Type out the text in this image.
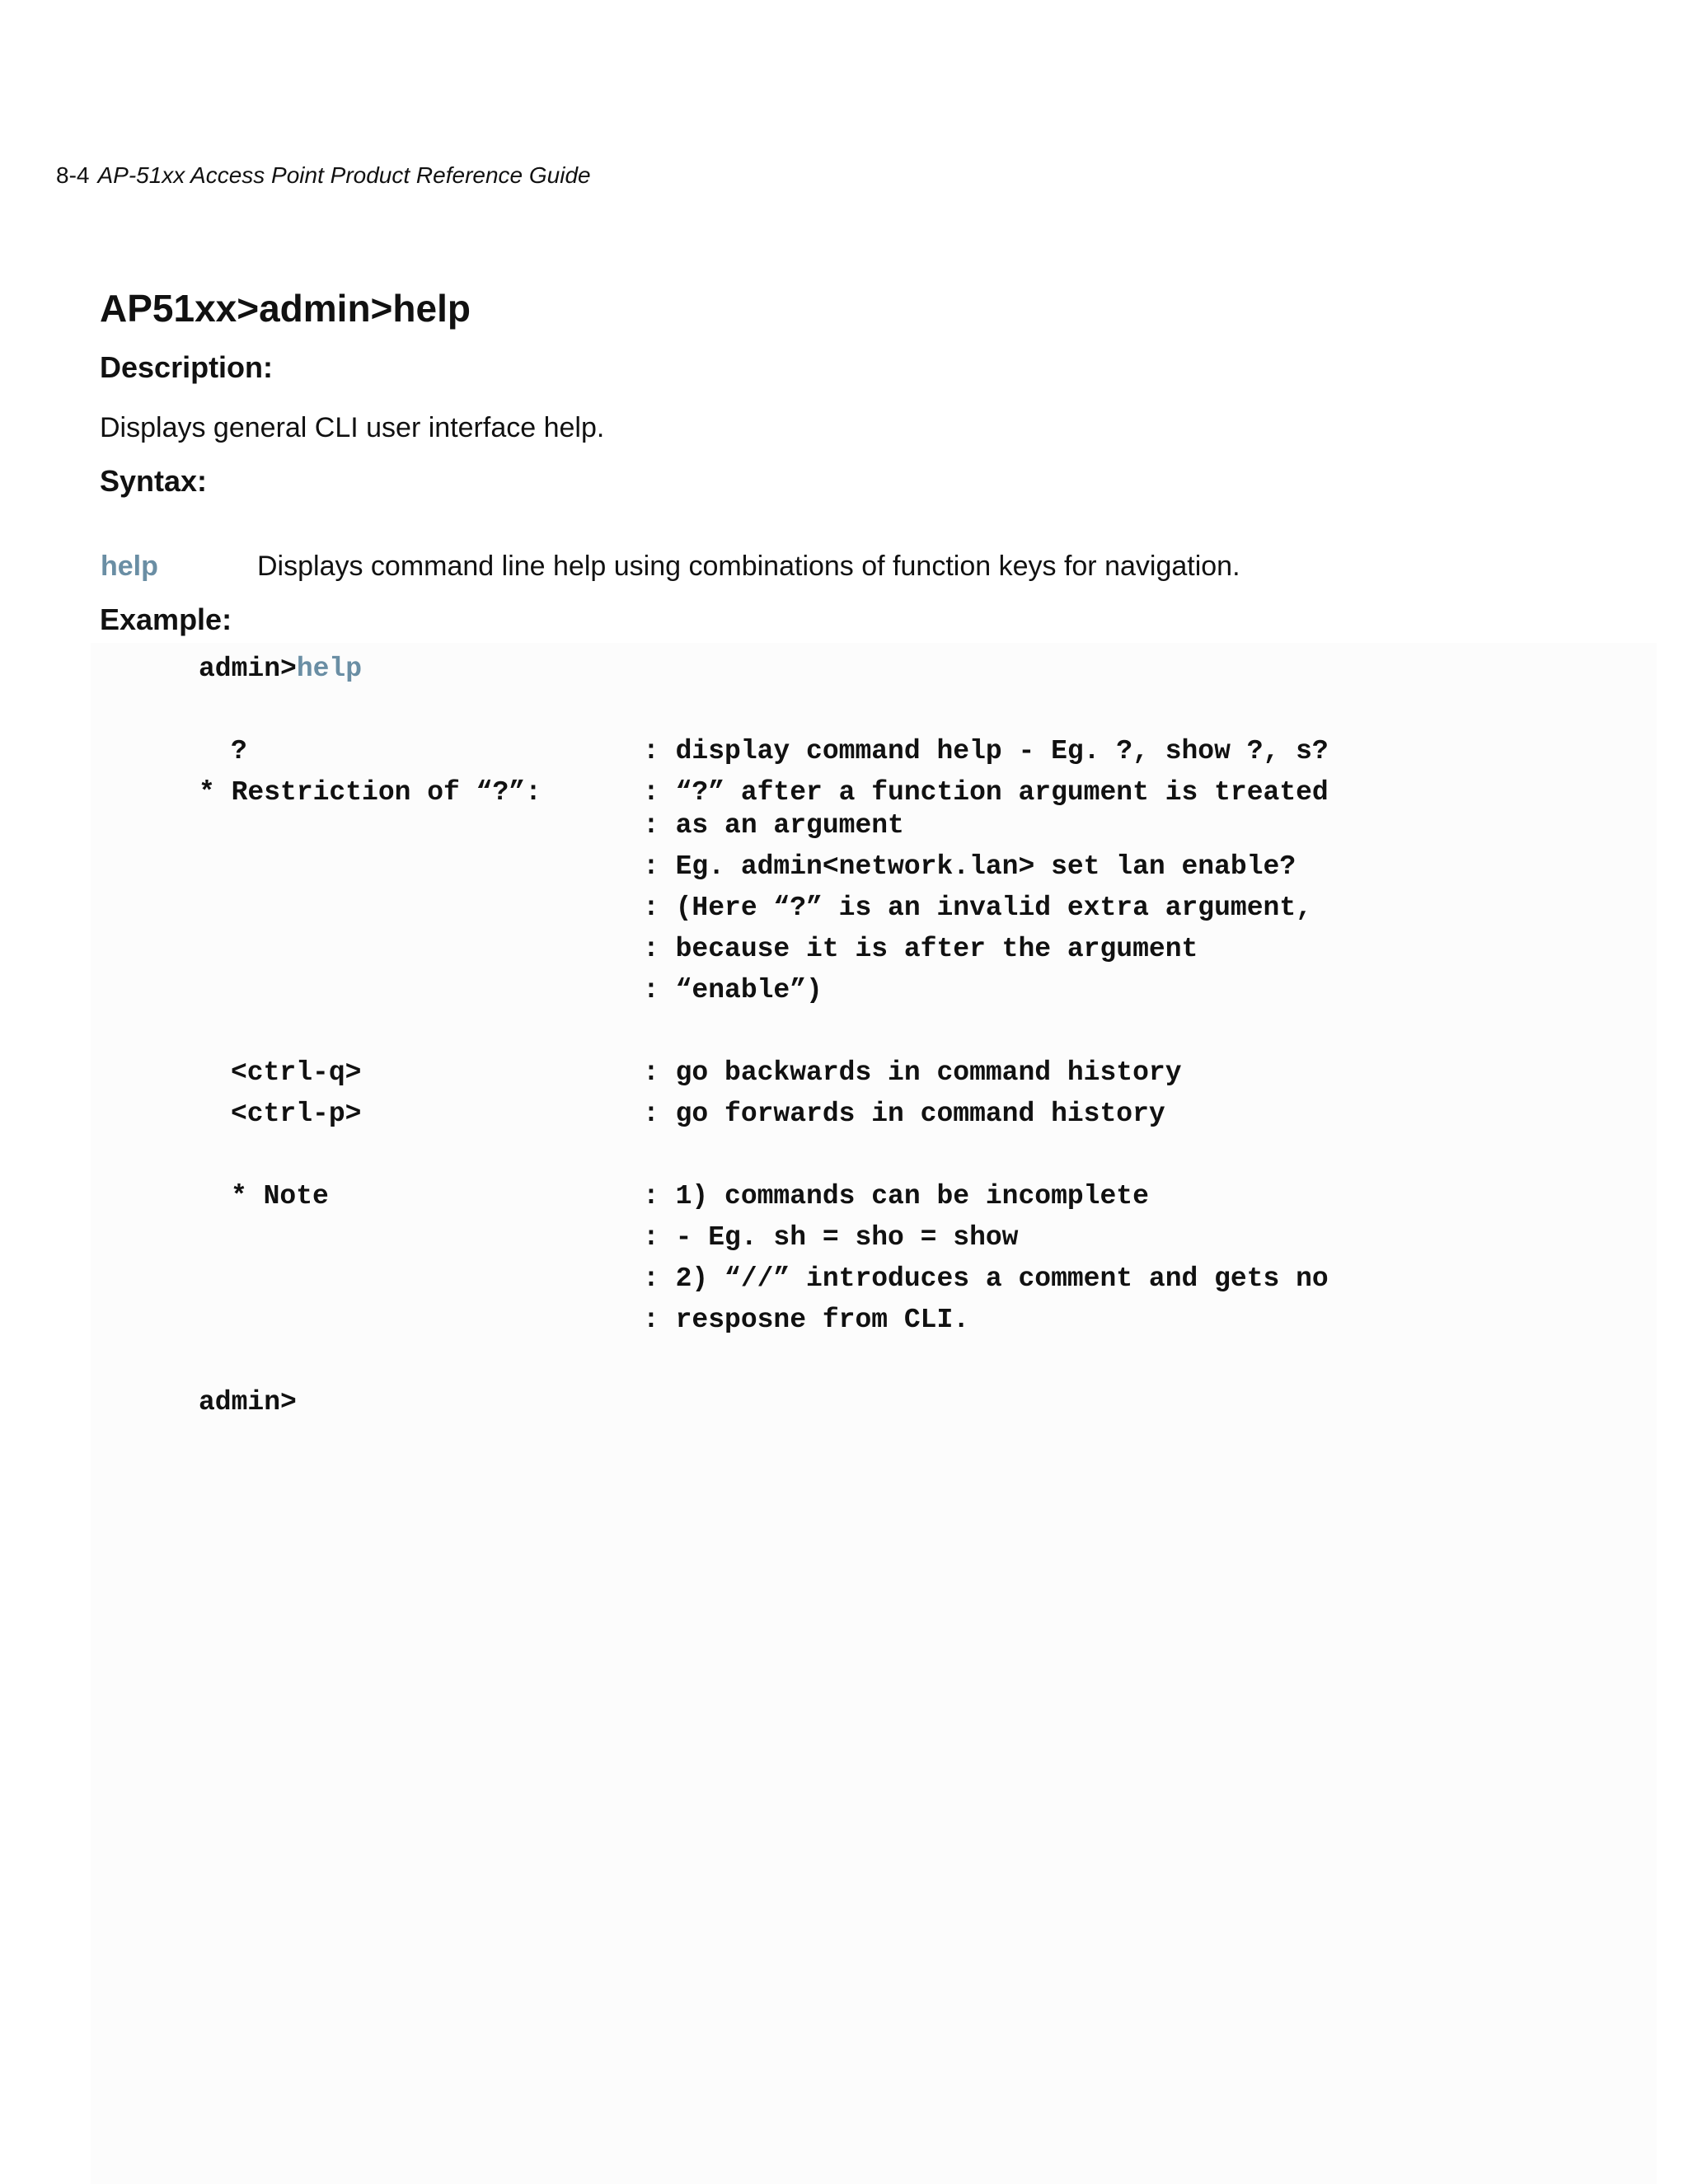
8-4 AP-51xx Access Point Product Reference Guide
AP51xx>admin>help
Description:
Displays general CLI user interface help.
Syntax:
help	Displays command line help using combinations of function keys for navigation.
Example:
admin>help
?	: display command help - Eg. ?, show ?, s?
* Restriction of “?”:	: “?” after a function argument is treated
: as an argument
: Eg. admin<network.lan> set lan enable?
: (Here “?” is an invalid extra argument,
: because it is after the argument
: “enable”)
<ctrl-q>	: go backwards in command history
<ctrl-p>	: go forwards in command history
* Note	: 1) commands can be incomplete
: - Eg. sh = sho = show
: 2) “//” introduces a comment and gets no
: resposne from CLI.
admin>
